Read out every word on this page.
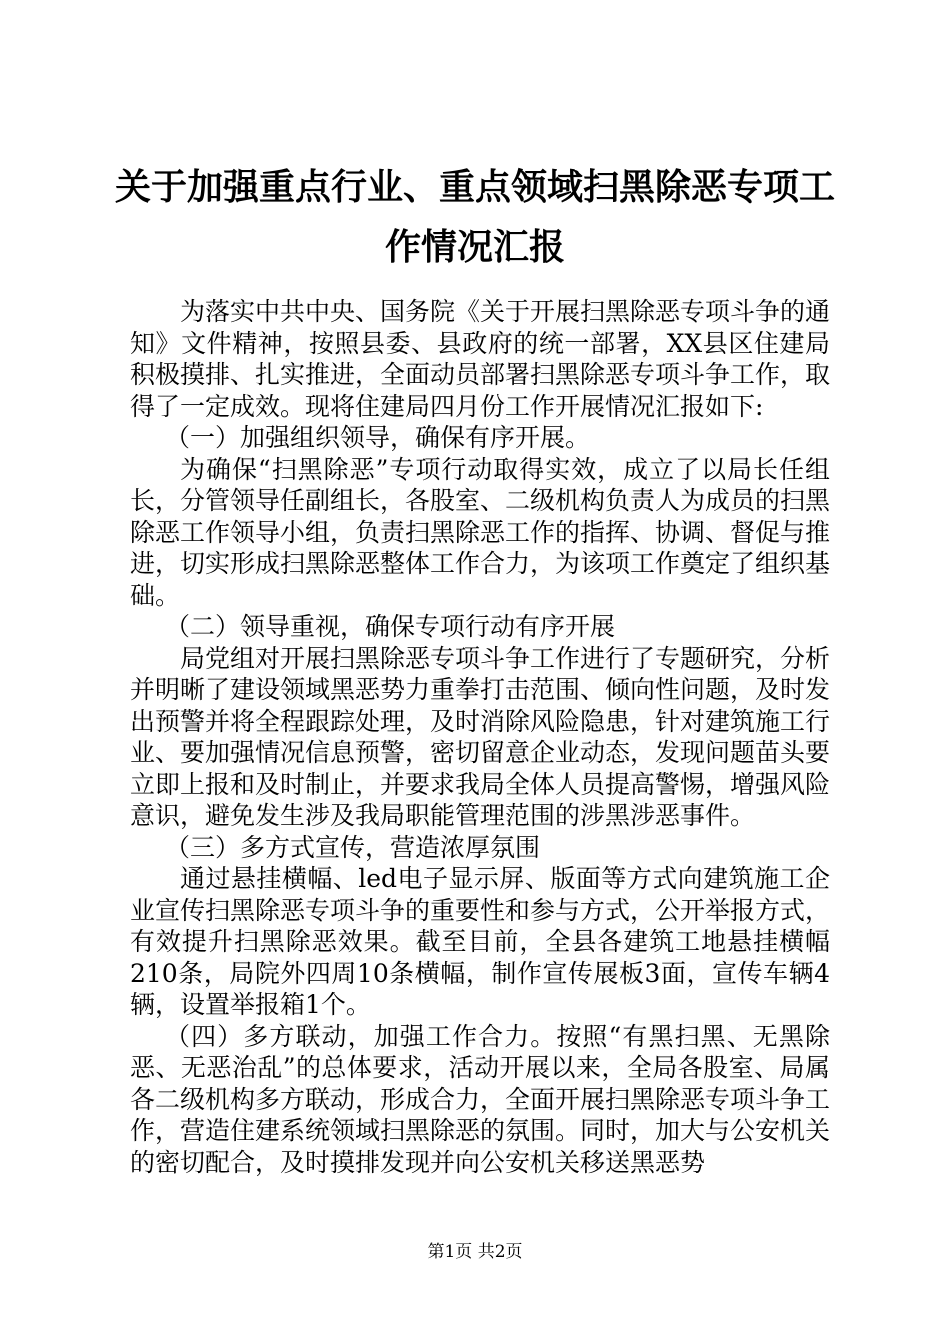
关于加强重点行业、重点领域扫黑除恶专项工作情况汇报

为落实中共中央、国务院《关于开展扫黑除恶专项斗争的通知》文件精神，按照县委、县政府的统一部署，XX县区住建局积极摸排、扎实推进，全面动员部署扫黑除恶专项斗争工作，取得了一定成效。现将住建局四月份工作开展情况汇报如下:

（一）加强组织领导，确保有序开展。

为确保“扫黑除恶”专项行动取得实效，成立了以局长任组长，分管领导任副组长，各股室、二级机构负责人为成员的扫黑除恶工作领导小组，负责扫黑除恶工作的指挥、协调、督促与推进，切实形成扫黑除恶整体工作合力，为该项工作奠定了组织基础。

（二）领导重视，确保专项行动有序开展

局党组对开展扫黑除恶专项斗争工作进行了专题研究，分析并明晰了建设领域黑恶势力重拳打击范围、倾向性问题，及时发出预警并将全程跟踪处理，及时消除风险隐患，针对建筑施工行业、要加强情况信息预警，密切留意企业动态，发现问题苗头要立即上报和及时制止，并要求我局全体人员提高警惕，增强风险意识，避免发生涉及我局职能管理范围的涉黑涉恶事件。

（三）多方式宣传，营造浓厚氛围

通过悬挂横幅、led电子显示屏、版面等方式向建筑施工企业宣传扫黑除恶专项斗争的重要性和参与方式，公开举报方式，有效提升扫黑除恶效果。截至目前，全县各建筑工地悬挂横幅210条，局院外四周10条横幅，制作宣传展板3面，宣传车辆4辆，设置举报箱1个。

（四）多方联动，加强工作合力。按照“有黑扫黑、无黑除恶、无恶治乱”的总体要求，活动开展以来，全局各股室、局属各二级机构多方联动，形成合力，全面开展扫黑除恶专项斗争工作，营造住建系统领域扫黑除恶的氛围。同时，加大与公安机关的密切配合，及时摸排发现并向公安机关移送黑恶势

第1页 共2页
